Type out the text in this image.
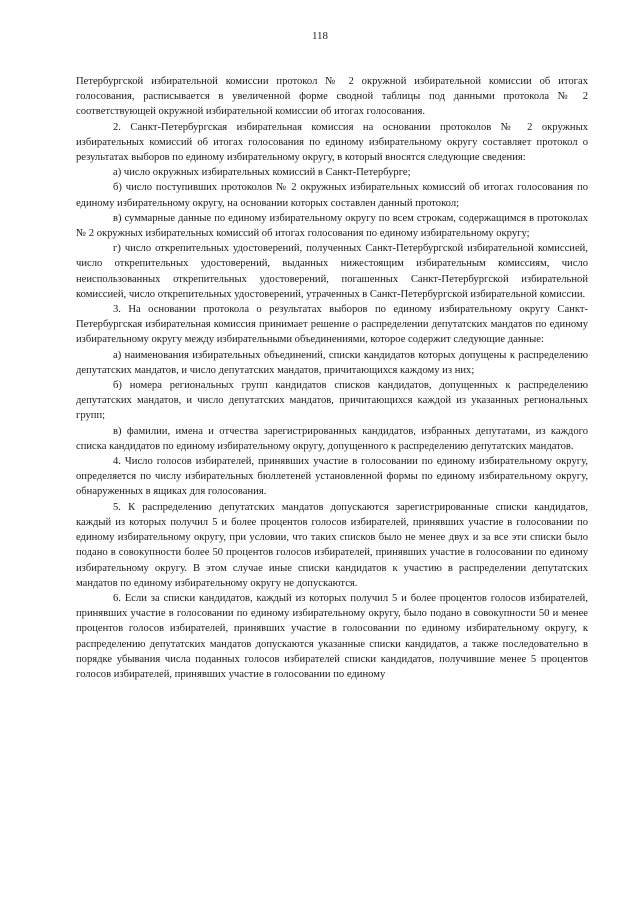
118

Петербургской избирательной комиссии протокол № 2 окружной избирательной комиссии об итогах голосования, расписывается в увеличенной форме сводной таблицы под данными протокола № 2 соответствующей окружной избирательной комиссии об итогах голосования.

2. Санкт-Петербургская избирательная комиссия на основании протоколов № 2 окружных избирательных комиссий об итогах голосования по единому избирательному округу составляет протокол о результатах выборов по единому избирательному округу, в который вносятся следующие сведения:

а) число окружных избирательных комиссий в Санкт-Петербурге;

б) число поступивших протоколов № 2 окружных избирательных комиссий об итогах голосования по единому избирательному округу, на основании которых составлен данный протокол;

в) суммарные данные по единому избирательному округу по всем строкам, содержащимся в протоколах № 2 окружных избирательных комиссий об итогах голосования по единому избирательному округу;

г) число открепительных удостоверений, полученных Санкт-Петербургской избирательной комиссией, число открепительных удостоверений, выданных нижестоящим избирательным комиссиям, число неиспользованных открепительных удостоверений, погашенных Санкт-Петербургской избирательной комиссией, число открепительных удостоверений, утраченных в Санкт-Петербургской избирательной комиссии.

3. На основании протокола о результатах выборов по единому избирательному округу Санкт-Петербургская избирательная комиссия принимает решение о распределении депутатских мандатов по единому избирательному округу между избирательными объединениями, которое содержит следующие данные:

а) наименования избирательных объединений, списки кандидатов которых допущены к распределению депутатских мандатов, и число депутатских мандатов, причитающихся каждому из них;

б) номера региональных групп кандидатов списков кандидатов, допущенных к распределению депутатских мандатов, и число депутатских мандатов, причитающихся каждой из указанных региональных групп;

в) фамилии, имена и отчества зарегистрированных кандидатов, избранных депутатами, из каждого списка кандидатов по единому избирательному округу, допущенного к распределению депутатских мандатов.

4. Число голосов избирателей, принявших участие в голосовании по единому избирательному округу, определяется по числу избирательных бюллетеней установленной формы по единому избирательному округу, обнаруженных в ящиках для голосования.

5. К распределению депутатских мандатов допускаются зарегистрированные списки кандидатов, каждый из которых получил 5 и более процентов голосов избирателей, принявших участие в голосовании по единому избирательному округу, при условии, что таких списков было не менее двух и за все эти списки было подано в совокупности более 50 процентов голосов избирателей, принявших участие в голосовании по единому избирательному округу. В этом случае иные списки кандидатов к участию в распределении депутатских мандатов по единому избирательному округу не допускаются.

6. Если за списки кандидатов, каждый из которых получил 5 и более процентов голосов избирателей, принявших участие в голосовании по единому избирательному округу, было подано в совокупности 50 и менее процентов голосов избирателей, принявших участие в голосовании по единому избирательному округу, к распределению депутатских мандатов допускаются указанные списки кандидатов, а также последовательно в порядке убывания числа поданных голосов избирателей списки кандидатов, получившие менее 5 процентов голосов избирателей, принявших участие в голосовании по единому
